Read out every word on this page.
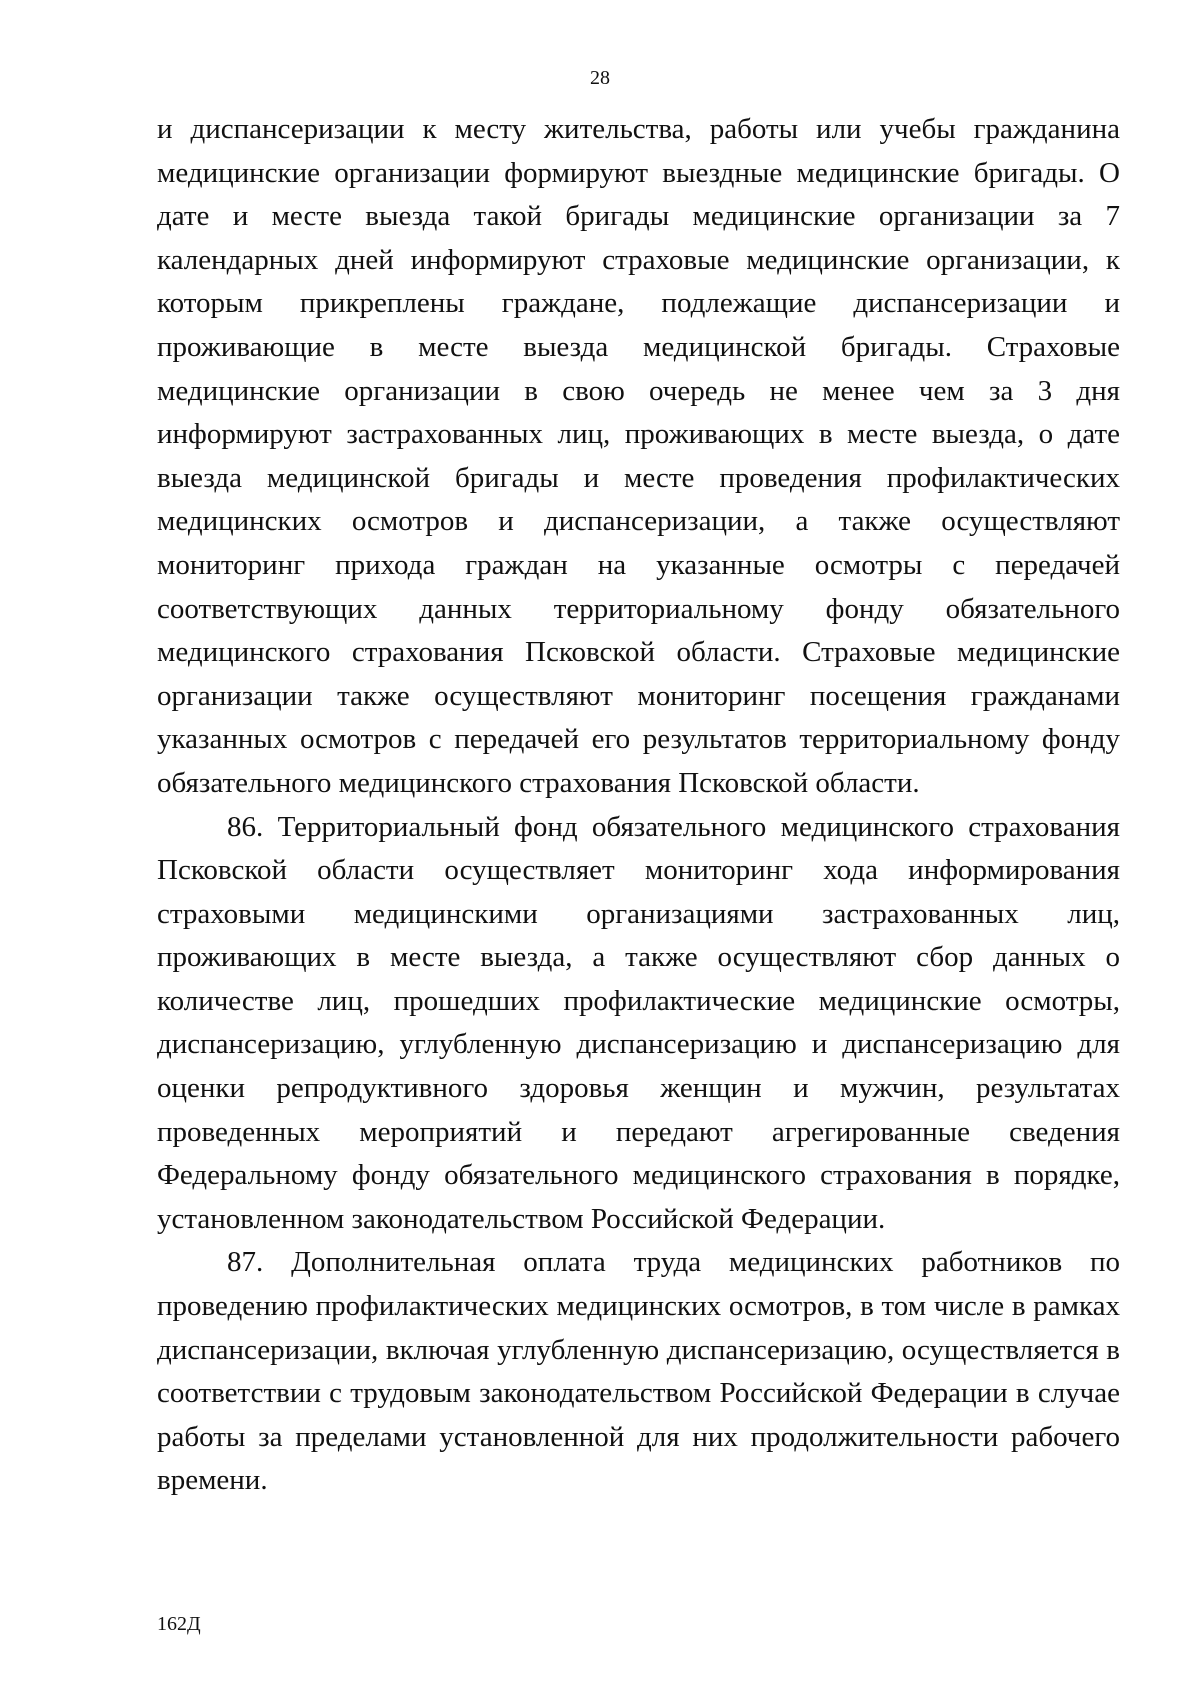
28

и диспансеризации к месту жительства, работы или учебы гражданина медицинские организации формируют выездные медицинские бригады. О дате и месте выезда такой бригады медицинские организации за 7 календарных дней информируют страховые медицинские организации, к которым прикреплены граждане, подлежащие диспансеризации и проживающие в месте выезда медицинской бригады. Страховые медицинские организации в свою очередь не менее чем за 3 дня информируют застрахованных лиц, проживающих в месте выезда, о дате выезда медицинской бригады и месте проведения профилактических медицинских осмотров и диспансеризации, а также осуществляют мониторинг прихода граждан на указанные осмотры с передачей соответствующих данных территориальному фонду обязательного медицинского страхования Псковской области. Страховые медицинские организации также осуществляют мониторинг посещения гражданами указанных осмотров с передачей его результатов территориальному фонду обязательного медицинского страхования Псковской области.

86. Территориальный фонд обязательного медицинского страхования Псковской области осуществляет мониторинг хода информирования страховыми медицинскими организациями застрахованных лиц, проживающих в месте выезда, а также осуществляют сбор данных о количестве лиц, прошедших профилактические медицинские осмотры, диспансеризацию, углубленную диспансеризацию и диспансеризацию для оценки репродуктивного здоровья женщин и мужчин, результатах проведенных мероприятий и передают агрегированные сведения Федеральному фонду обязательного медицинского страхования в порядке, установленном законодательством Российской Федерации.

87. Дополнительная оплата труда медицинских работников по проведению профилактических медицинских осмотров, в том числе в рамках диспансеризации, включая углубленную диспансеризацию, осуществляется в соответствии с трудовым законодательством Российской Федерации в случае работы за пределами установленной для них продолжительности рабочего времени.

162Д
